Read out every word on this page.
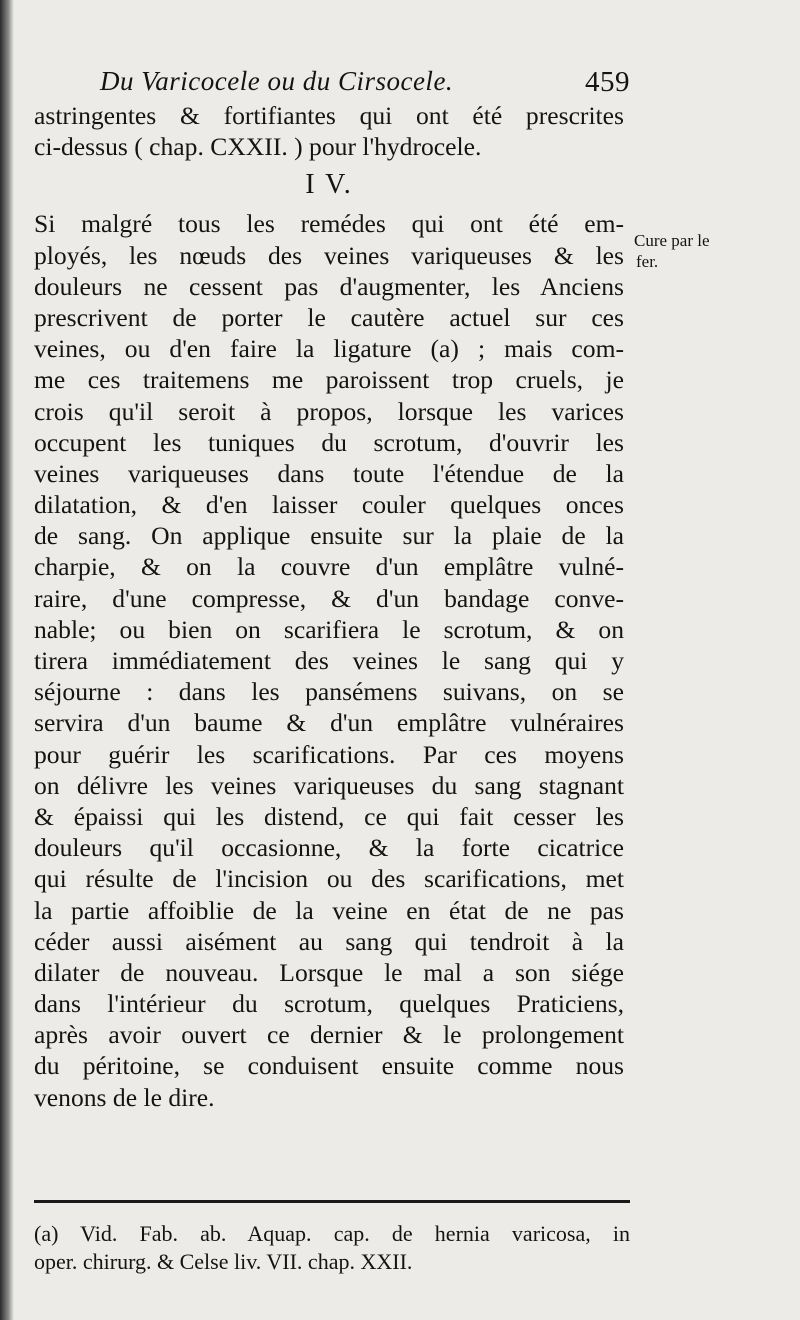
Du Varicocele ou du Cirsocele.	459
astringentes & fortifiantes qui ont été prescrites
ci-dessus ( chap. CXXII. ) pour l'hydrocele.
I V.
Si malgré tous les remédes qui ont été em-
ployés, les nœuds des veines variqueuses & les
douleurs ne cessent pas d'augmenter, les Anciens
prescrivent de porter le cautère actuel sur ces
veines, ou d'en faire la ligature (a) ; mais com-
me ces traitemens me paroissent trop cruels, je
crois qu'il seroit à propos, lorsque les varices
occupent les tuniques du scrotum, d'ouvrir les
veines variqueuses dans toute l'étendue de la
dilatation, & d'en laisser couler quelques onces
de sang. On applique ensuite sur la plaie de la
charpie, & on la couvre d'un emplâtre vulné-
raire, d'une compresse, & d'un bandage conve-
nable; ou bien on scarifiera le scrotum, & on
tirera immédiatement des veines le sang qui y
séjourne : dans les pansémens suivans, on se
servira d'un baume & d'un emplâtre vulnéraires
pour guérir les scarifications. Par ces moyens
on délivre les veines variqueuses du sang stagnant
& épaissi qui les distend, ce qui fait cesser les
douleurs qu'il occasionne, & la forte cicatrice
qui résulte de l'incision ou des scarifications, met
la partie affoiblie de la veine en état de ne pas
céder aussi aisément au sang qui tendroit à la
dilater de nouveau. Lorsque le mal a son siége
dans l'intérieur du scrotum, quelques Praticiens,
après avoir ouvert ce dernier & le prolongement
du péritoine, se conduisent ensuite comme nous
venons de le dire.
Cure par le
fer.
(a) Vid. Fab. ab. Aquap. cap. de hernia varicosa, in
oper. chirurg. & Celse liv. VII. chap. XXII.
